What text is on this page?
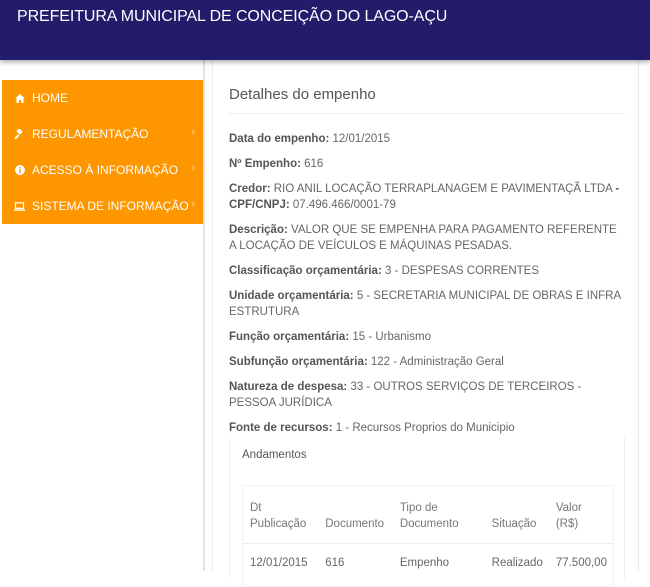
PREFEITURA MUNICIPAL DE CONCEIÇÃO DO LAGO-AÇU
HOME
REGULAMENTAÇÃO	›
ACESSO À INFORMAÇÃO ›
SISTEMA DE INFORMAÇÃO ›
Detalhes do empenho
Data do empenho: 12/01/2015
Nº Empenho: 616
Credor: RIO ANIL LOCAÇÃO TERRAPLANAGEM E PAVIMENTAÇÃ LTDA - CPF/CNPJ: 07.496.466/0001-79
Descrição: VALOR QUE SE EMPENHA PARA PAGAMENTO REFERENTE A LOCAÇÃO DE VEÍCULOS E MÁQUINAS PESADAS.
Classificação orçamentária: 3 - DESPESAS CORRENTES
Unidade orçamentária: 5 - SECRETARIA MUNICIPAL DE OBRAS E INFRA ESTRUTURA
Função orçamentária: 15 - Urbanismo
Subfunção orçamentária: 122 - Administração Geral
Natureza de despesa: 33 - OUTROS SERVIÇOS DE TERCEIROS - PESSOA JURÍDICA
Fonte de recursos: 1 - Recursos Proprios do Municipio
Andamentos
Dt Publicação	Documento	Tipo de Documento	Situação	Valor (R$)
12/01/2015	616	Empenho	Realizado	77.500,00
